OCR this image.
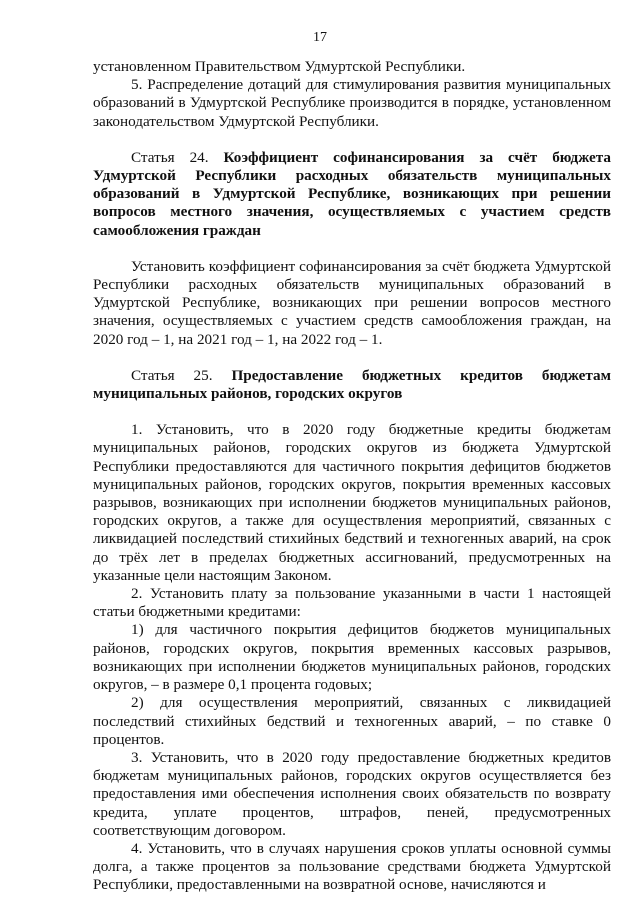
17

установленном Правительством Удмуртской Республики.

5. Распределение дотаций для стимулирования развития муниципальных образований в Удмуртской Республике производится в порядке, установленном законодательством Удмуртской Республики.

Статья 24. Коэффициент софинансирования за счёт бюджета Удмуртской Республики расходных обязательств муниципальных образований в Удмуртской Республике, возникающих при решении вопросов местного значения, осуществляемых с участием средств самообложения граждан

Установить коэффициент софинансирования за счёт бюджета Удмуртской Республики расходных обязательств муниципальных образований в Удмуртской Республике, возникающих при решении вопросов местного значения, осуществляемых с участием средств самообложения граждан, на 2020 год – 1, на 2021 год – 1, на 2022 год – 1.

Статья 25. Предоставление бюджетных кредитов бюджетам муниципальных районов, городских округов

1. Установить, что в 2020 году бюджетные кредиты бюджетам муниципальных районов, городских округов из бюджета Удмуртской Республики предоставляются для частичного покрытия дефицитов бюджетов муниципальных районов, городских округов, покрытия временных кассовых разрывов, возникающих при исполнении бюджетов муниципальных районов, городских округов, а также для осуществления мероприятий, связанных с ликвидацией последствий стихийных бедствий и техногенных аварий, на срок до трёх лет в пределах бюджетных ассигнований, предусмотренных на указанные цели настоящим Законом.

2. Установить плату за пользование указанными в части 1 настоящей статьи бюджетными кредитами:

1) для частичного покрытия дефицитов бюджетов муниципальных районов, городских округов, покрытия временных кассовых разрывов, возникающих при исполнении бюджетов муниципальных районов, городских округов, – в размере 0,1 процента годовых;

2) для осуществления мероприятий, связанных с ликвидацией последствий стихийных бедствий и техногенных аварий, – по ставке 0 процентов.

3. Установить, что в 2020 году предоставление бюджетных кредитов бюджетам муниципальных районов, городских округов осуществляется без предоставления ими обеспечения исполнения своих обязательств по возврату кредита, уплате процентов, штрафов, пеней, предусмотренных соответствующим договором.

4. Установить, что в случаях нарушения сроков уплаты основной суммы долга, а также процентов за пользование средствами бюджета Удмуртской Республики, предоставленными на возвратной основе, начисляются и
